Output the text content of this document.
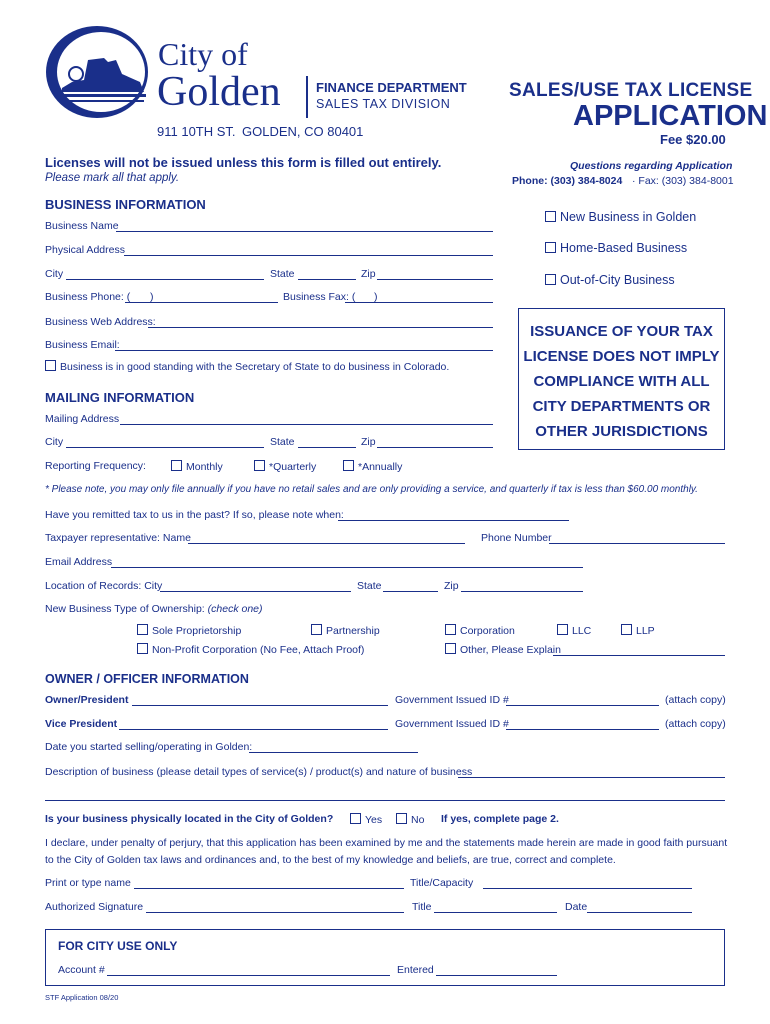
City of
Golden	FINANCE DEPARTMENT
SALES TAX DIVISION
911 10TH ST. GOLDEN, CO 80401
SALES/USE TAX LICENSE
APPLICATION
Fee $20.00
Licenses will not be issued unless this form is filled out entirely.
Please mark all that apply.
Questions regarding Application
Phone: (303) 384-8024 · Fax: (303) 384-8001
BUSINESS INFORMATION
Business Name
Physical Address
City	State	Zip
Business Phone: ( )	Business Fax: ( )
Business Web Address:
Business Email:
Business is in good standing with the Secretary of State to do business in Colorado.
New Business in Golden
Home-Based Business
Out-of-City Business
ISSUANCE OF YOUR TAX
LICENSE DOES NOT IMPLY
COMPLIANCE WITH ALL
CITY DEPARTMENTS OR
OTHER JURISDICTIONS
MAILING INFORMATION
Mailing Address
City	State	Zip
Reporting Frequency:	Monthly	*Quarterly	*Annually
* Please note, you may only file annually if you have no retail sales and are only providing a service, and quarterly if tax is less than $60.00 monthly.
Have you remitted tax to us in the past? If so, please note when:
Taxpayer representative: Name	Phone Number
Email Address
Location of Records: City	State	Zip
New Business Type of Ownership: (check one)
Sole Proprietorship	Partnership	Corporation	LLC	LLP
Non-Profit Corporation (No Fee, Attach Proof)	Other, Please Explain
OWNER / OFFICER INFORMATION
Owner/President	Government Issued ID #	(attach copy)
Vice President	Government Issued ID #	(attach copy)
Date you started selling/operating in Golden:
Description of business (please detail types of service(s) / product(s) and nature of business
Is your business physically located in the City of Golden?	Yes	No If yes, complete page 2.
I declare, under penalty of perjury, that this application has been examined by me and the statements made herein are made in good faith pursuant
to the City of Golden tax laws and ordinances and, to the best of my knowledge and beliefs, are true, correct and complete.
Print or type name	Title/Capacity
Authorized Signature	Title	Date
FOR CITY USE ONLY
Account #	Entered
STF Application 08/20
